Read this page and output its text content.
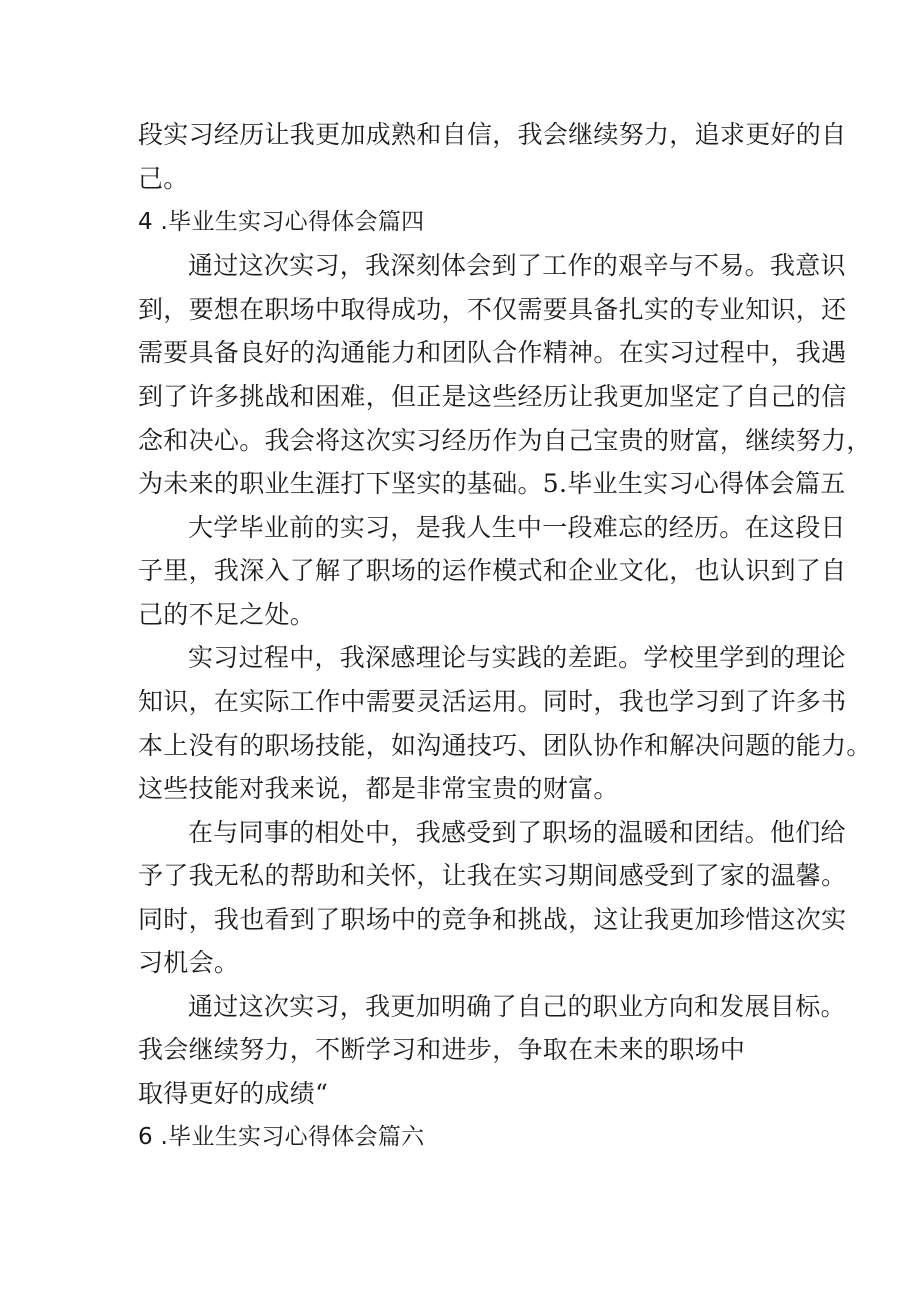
段实习经历让我更加成熟和自信，我会继续努力，追求更好的自
己。
4 .毕业生实习心得体会篇四
通过这次实习，我深刻体会到了工作的艰辛与不易。我意识
到，要想在职场中取得成功，不仅需要具备扎实的专业知识，还
需要具备良好的沟通能力和团队合作精神。在实习过程中，我遇
到了许多挑战和困难，但正是这些经历让我更加坚定了自己的信
念和决心。我会将这次实习经历作为自己宝贵的财富，继续努力，
为未来的职业生涯打下坚实的基础。5.毕业生实习心得体会篇五
大学毕业前的实习，是我人生中一段难忘的经历。在这段日
子里，我深入了解了职场的运作模式和企业文化，也认识到了自
己的不足之处。
实习过程中，我深感理论与实践的差距。学校里学到的理论
知识，在实际工作中需要灵活运用。同时，我也学习到了许多书
本上没有的职场技能，如沟通技巧、团队协作和解决问题的能力。
这些技能对我来说，都是非常宝贵的财富。
在与同事的相处中，我感受到了职场的温暖和团结。他们给
予了我无私的帮助和关怀，让我在实习期间感受到了家的温馨。
同时，我也看到了职场中的竞争和挑战，这让我更加珍惜这次实
习机会。
通过这次实习，我更加明确了自己的职业方向和发展目标。
我会继续努力，不断学习和进步，争取在未来的职场中
取得更好的成绩“
6 .毕业生实习心得体会篇六
